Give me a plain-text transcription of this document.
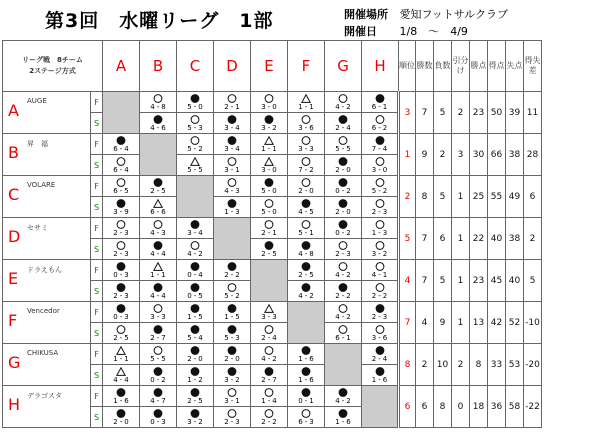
第3回　水曜リーグ　1部	開催場所 愛知フットサルクラブ
開催日 1/8　～　4/9
リーグ戦　8チーム
2ステージ方式		A	B	C	D	E	F	G	H	順位	勝数	負数	引分け	勝点	得点	失点	得失差

A AUGE	F		4 - 8	5 - 0	2 - 1	3 - 0	1 - 1	4 - 2	6 - 1	3	7	5	2	23	50	39	11
	S		4 - 6	5 - 3	3 - 4	3 - 2	3 - 6	2 - 4	6 - 2								

B 昇　福	F	6 - 4		5 - 2	3 - 4	1 - 1	3 - 3	5 - 5	7 - 4	1	9	2	3	30	66	38	28
	S	6 - 4		5 - 5	3 - 1	3 - 0	7 - 2	2 - 0	3 - 0								

C VOLARE	F	6 - 5	2 - 5		4 - 3	5 - 0	2 - 0	0 - 2	5 - 2	2	8	5	1	25	55	49	6
	S	3 - 9	6 - 6		1 - 3	5 - 0	4 - 5	2 - 0	2 - 3								

D セサミ	F	2 - 3	4 - 3	3 - 4		2 - 1	5 - 1	0 - 2	1 - 3	5	7	6	1	22	40	38	2
	S	2 - 3	4 - 4	4 - 2		2 - 5	4 - 8	2 - 3	3 - 2								

E ドラえもん	F	0 - 3	1 - 1	0 - 4	2 - 2		2 - 5	4 - 2	4 - 1	4	7	5	1	23	45	40	5
	S	2 - 3	4 - 4	0 - 5	5 - 2		4 - 2	2 - 2	2 - 2								

F Vencedor	F	0 - 3	3 - 3	1 - 5	1 - 5	3 - 3		4 - 2	2 - 3	7	4	9	1	13	42	52	-10
	S	2 - 5	2 - 7	5 - 4	5 - 3	2 - 4		6 - 1	3 - 6								

G CHIKUSA	F	1 - 1	5 - 5	2 - 0	2 - 0	4 - 2	1 - 6		2 - 4	8	2	10	2	8	33	53	-20
	S	4 - 4	0 - 2	1 - 2	3 - 2	2 - 7	1 - 6		1 - 6								

H デラゴスタ	F	1 - 6	4 - 7	2 - 5	3 - 1	1 - 4	0 - 1	4 - 2		6	6	8	0	18	36	58	-22
	S	2 - 0	0 - 3	3 - 2	2 - 3	2 - 2	6 - 3	1 - 6									
